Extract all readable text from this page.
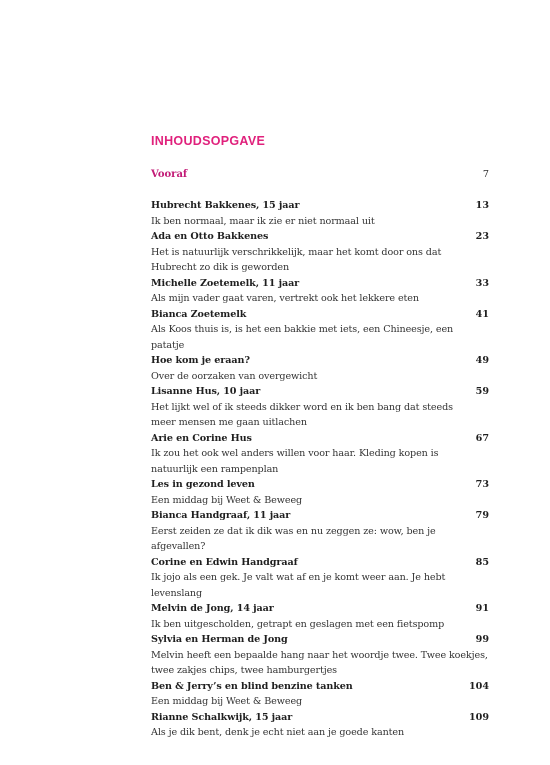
INHOUDSOPGAVE
Vooraf	7
Hubrecht Bakkenes, 15 jaar	13
Ik ben normaal, maar ik zie er niet normaal uit
Ada en Otto Bakkenes	23
Het is natuurlijk verschrikkelijk, maar het komt door ons dat
Hubrecht zo dik is geworden
Michelle Zoetemelk, 11 jaar	33
Als mijn vader gaat varen, vertrekt ook het lekkere eten
Bianca Zoetemelk	41
Als Koos thuis is, is het een bakkie met iets, een Chineesje, een patatje
Hoe kom je eraan?	49
Over de oorzaken van overgewicht
Lisanne Hus, 10 jaar	59
Het lijkt wel of ik steeds dikker word en ik ben bang dat steeds
meer mensen me gaan uitlachen
Arie en Corine Hus	67
Ik zou het ook wel anders willen voor haar. Kleding kopen is
natuurlijk een rampenplan
Les in gezond leven	73
Een middag bij Weet & Beweeg
Bianca Handgraaf, 11 jaar	79
Eerst zeiden ze dat ik dik was en nu zeggen ze: wow, ben je afgevallen?
Corine en Edwin Handgraaf	85
Ik jojo als een gek. Je valt wat af en je komt weer aan. Je hebt levenslang
Melvin de Jong, 14 jaar	91
Ik ben uitgescholden, getrapt en geslagen met een fietspomp
Sylvia en Herman de Jong	99
Melvin heeft een bepaalde hang naar het woordje twee. Twee koekjes,
twee zakjes chips, twee hamburgertjes
Ben & Jerry’s en blind benzine tanken	104
Een middag bij Weet & Beweeg
Rianne Schalkwijk, 15 jaar	109
Als je dik bent, denk je echt niet aan je goede kanten
